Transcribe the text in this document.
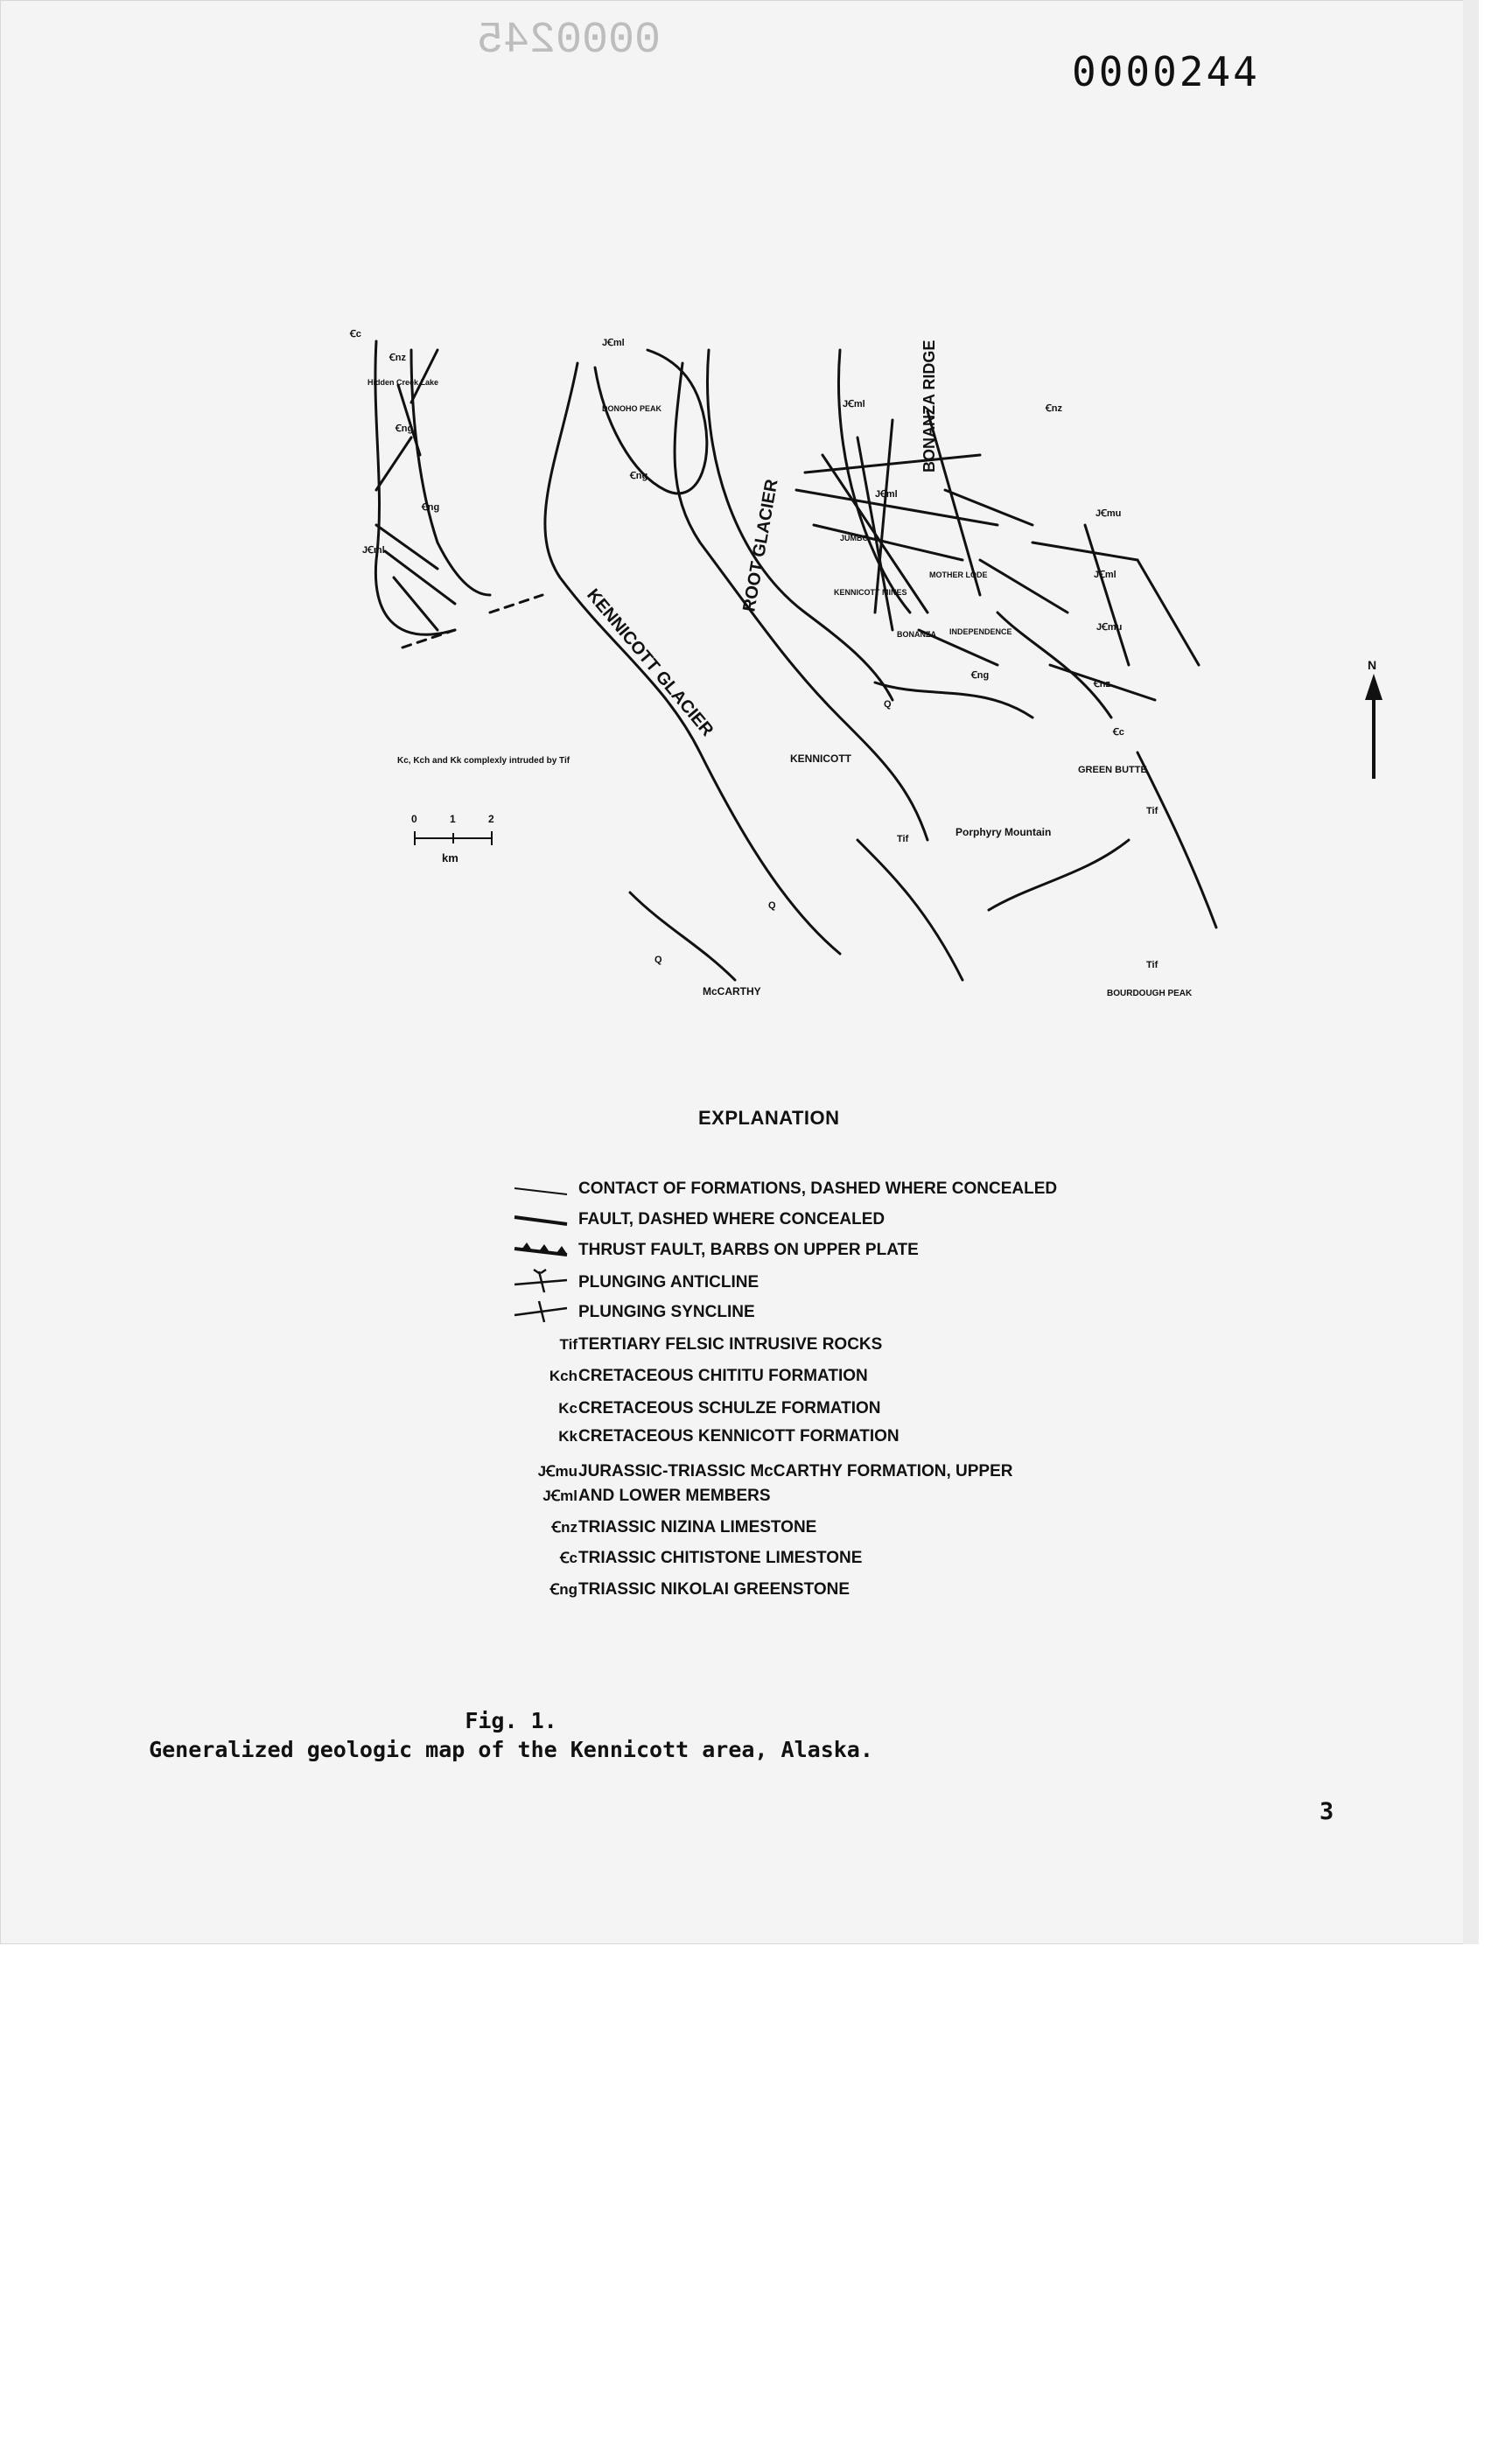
0000245
0000244
ROOT GLACIER
BONANZA RIDGE
KENNICOTT GLACIER
KENNICOTT
McCARTHY
Porphyry Mountain
GREEN BUTTE
BOURDOUGH PEAK
Hidden Creek Lake
DONOHO PEAK
JUMBO
KENNICOTT MINES
MOTHER LODE
BONANZA INDEPENDENCE
Ꞓc
Ꞓnz
Ꞓng
Ꞓng
JꞒml
Ꞓng
JꞒml
JꞒml
JꞒml
JꞒmu
JꞒmu
JꞒml
Ꞓnz
Ꞓnz
Ꞓng
Ꞓc
Tif
Tif
Tif
Q
Q
Q
Kc, Kch and Kk complexly intruded by Tif
0	1	2
km
N
EXPLANATION
CONTACT OF FORMATIONS, DASHED WHERE CONCEALED
FAULT, DASHED WHERE CONCEALED
THRUST FAULT, BARBS ON UPPER PLATE
PLUNGING ANTICLINE
PLUNGING SYNCLINE
Tif TERTIARY FELSIC INTRUSIVE ROCKS
Kch CRETACEOUS CHITITU FORMATION
Kc CRETACEOUS SCHULZE FORMATION
Kk CRETACEOUS KENNICOTT FORMATION
JꞒmu JURASSIC-TRIASSIC McCARTHY FORMATION, UPPER
JꞒml AND LOWER MEMBERS
Ꞓnz TRIASSIC NIZINA LIMESTONE
Ꞓc TRIASSIC CHITISTONE LIMESTONE
Ꞓng TRIASSIC NIKOLAI GREENSTONE
Fig. 1.
Generalized geologic map of the Kennicott area, Alaska.
3
